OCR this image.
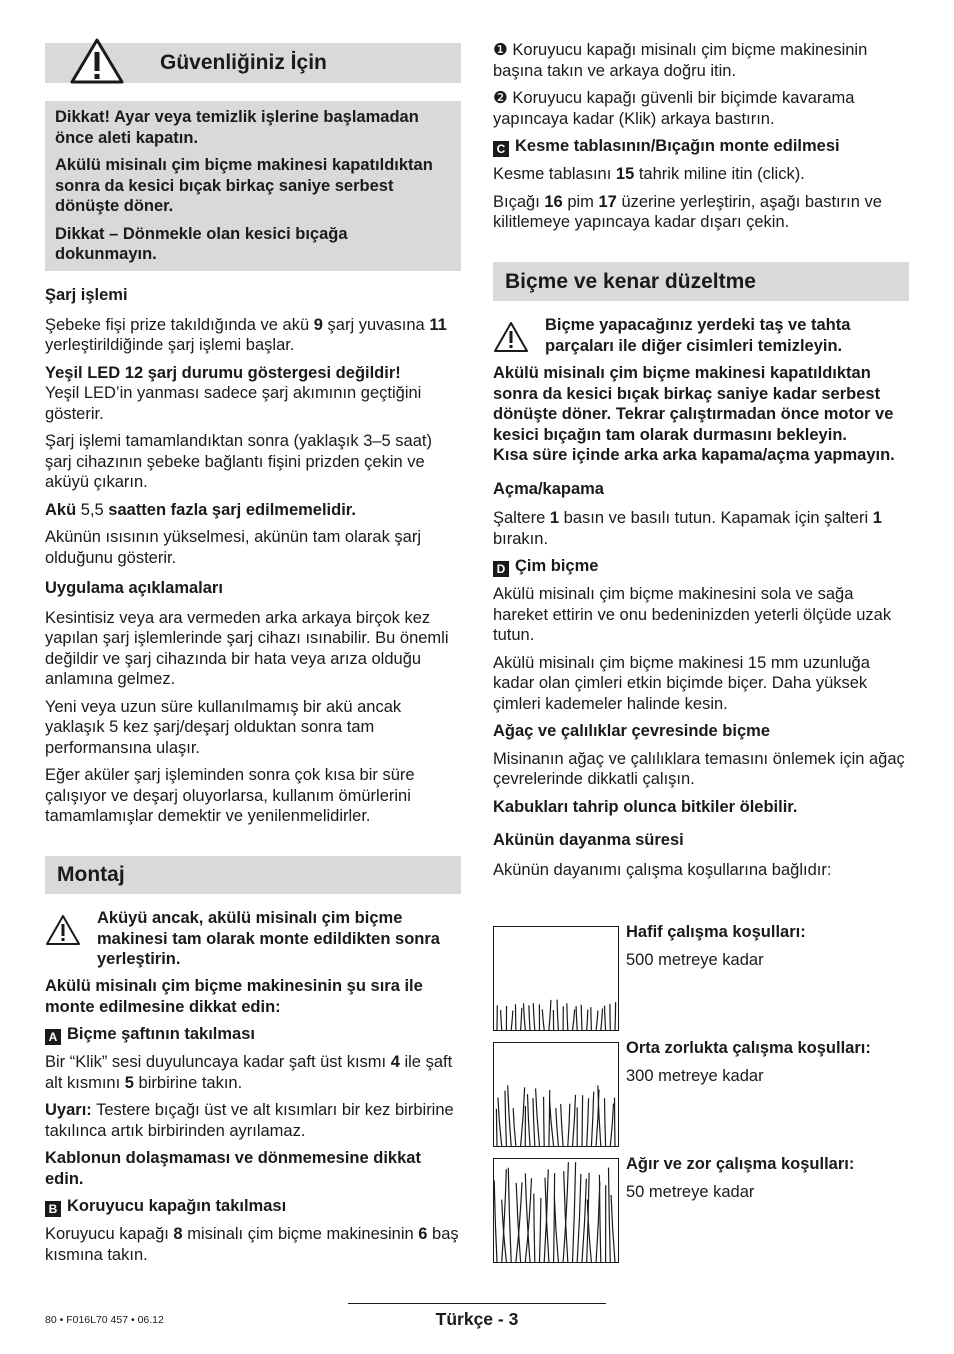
Güvenliğiniz İçin

Dikkat! Ayar veya temizlik işlerine başlamadan önce aleti kapatın.

Akülü misinalı çim biçme makinesi kapatıldıktan sonra da kesici bıçak birkaç saniye serbest dönüşte döner.

Dikkat – Dönmekle olan kesici bıçağa dokunmayın.

Şarj işlemi

Şebeke fişi prize takıldığında ve akü 9 şarj yuvasına 11 yerleştirildiğinde şarj işlemi başlar.

Yeşil LED 12 şarj durumu göstergesi değildir!
Yeşil LED’in yanması sadece şarj akımının geçtiğini gösterir.

Şarj işlemi tamamlandıktan sonra (yaklaşık 3–5 saat) şarj cihazının şebeke bağlantı fişini prizden çekin ve aküyü çıkarın.

Akü 5,5 saatten fazla şarj edilmemelidir.

Akünün ısısının yükselmesi, akünün tam olarak şarj olduğunu gösterir.

Uygulama açıklamaları

Kesintisiz veya ara vermeden arka arkaya birçok kez yapılan şarj işlemlerinde şarj cihazı ısınabilir. Bu önemli değildir ve şarj cihazında bir hata veya arıza olduğu anlamına gelmez.

Yeni veya uzun süre kullanılmamış bir akü ancak yaklaşık 5 kez şarj/deşarj olduktan sonra tam performansına ulaşır.

Eğer aküler şarj işleminden sonra çok kısa bir süre çalışıyor ve deşarj oluyorlarsa, kullanım ömürlerini tamamlamışlar demektir ve yenilenmelidirler.

Montaj
Aküyü ancak, akülü misinalı çim biçme makinesi tam olarak monte edildikten sonra yerleştirin.

Akülü misinalı çim biçme makinesinin şu sıra ile monte edilmesine dikkat edin:

A Biçme şaftının takılması

Bir “Klik” sesi duyuluncaya kadar şaft üst kısmı 4 ile şaft alt kısmını 5 birbirine takın.

Uyarı: Testere bıçağı üst ve alt kısımları bir kez birbirine takılınca artık birbirinden ayrılamaz.

Kablonun dolaşmaması ve dönmemesine dikkat edin.

B Koruyucu kapağın takılması

Koruyucu kapağı 8 misinalı çim biçme makinesinin 6 baş kısmına takın.

❶ Koruyucu kapağı misinalı çim biçme makinesinin başına takın ve arkaya doğru itin.

❷ Koruyucu kapağı güvenli bir biçimde kavarama yapıncaya kadar (Klik) arkaya bastırın.

C Kesme tablasının/Bıçağın monte edilmesi

Kesme tablasını 15 tahrik miline itin (click).

Bıçağı 16 pim 17 üzerine yerleştirin, aşağı bastırın ve kilitlemeye yapıncaya kadar dışarı çekin.

Biçme ve kenar düzeltme
Biçme yapacağınız yerdeki taş ve tahta parçaları ile diğer cisimleri temizleyin.

Akülü misinalı çim biçme makinesi kapatıldıktan sonra da kesici bıçak birkaç saniye kadar serbest dönüşte döner. Tekrar çalıştırmadan önce motor ve kesici bıçağın tam olarak durmasını bekleyin.
Kısa süre içinde arka arka kapama/açma yapmayın.

Açma/kapama

Şaltere 1 basın ve basılı tutun. Kapamak için şalteri 1 bırakın.

D Çim biçme

Akülü misinalı çim biçme makinesini sola ve sağa hareket ettirin ve onu bedeninizden yeterli ölçüde uzak tutun.

Akülü misinalı çim biçme makinesi 15 mm uzunluğa kadar olan çimleri etkin biçimde biçer. Daha yüksek çimleri kademeler halinde kesin.

Ağaç ve çalılıklar çevresinde biçme

Misinanın ağaç ve çalılıklara temasını önlemek için ağaç çevrelerinde dikkatli çalışın.

Kabukları tahrip olunca bitkiler ölebilir.

Akünün dayanma süresi

Akünün dayanımı çalışma koşullarına bağlıdır:

Hafif çalışma koşulları:

500 metreye kadar

Orta zorlukta çalışma koşulları:

300 metreye kadar

Ağır ve zor çalışma koşulları:

50 metreye kadar

80 • F016L70 457 • 06.12	Türkçe - 3
